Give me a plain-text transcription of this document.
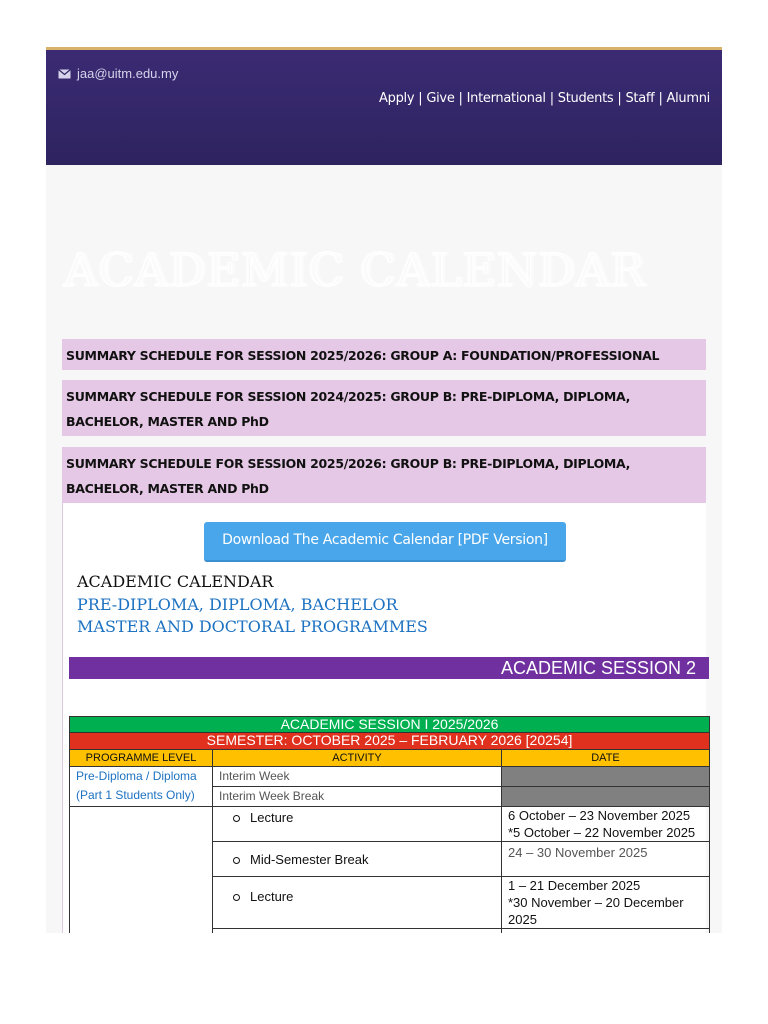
jaa@uitm.edu.my
Apply | Give | International | Students | Staff | Alumni
ACADEMIC CALENDAR
SUMMARY SCHEDULE FOR SESSION 2025/2026: GROUP A: FOUNDATION/PROFESSIONAL
SUMMARY SCHEDULE FOR SESSION 2024/2025: GROUP B: PRE-DIPLOMA, DIPLOMA, BACHELOR, MASTER AND PhD
SUMMARY SCHEDULE FOR SESSION 2025/2026: GROUP B: PRE-DIPLOMA, DIPLOMA, BACHELOR, MASTER AND PhD
Download The Academic Calendar [PDF Version]
ACADEMIC CALENDAR
PRE-DIPLOMA, DIPLOMA, BACHELOR
MASTER AND DOCTORAL PROGRAMMES
ACADEMIC SESSION 2
ACADEMIC SESSION I 2025/2026		
SEMESTER: OCTOBER 2025 – FEBRUARY 2026 [20254]		
PROGRAMME LEVEL	ACTIVITY	DATE
Pre-Diploma / Diploma (Part 1 Students Only)	Interim Week	
	Interim Week Break	

	Lecture	6 October – 23 November 2025
*5 October – 22 November 2025

	Mid-Semester Break	24 – 30 November 2025

	Lecture	1 – 21 December 2025
*30 November – 20 December 2025
